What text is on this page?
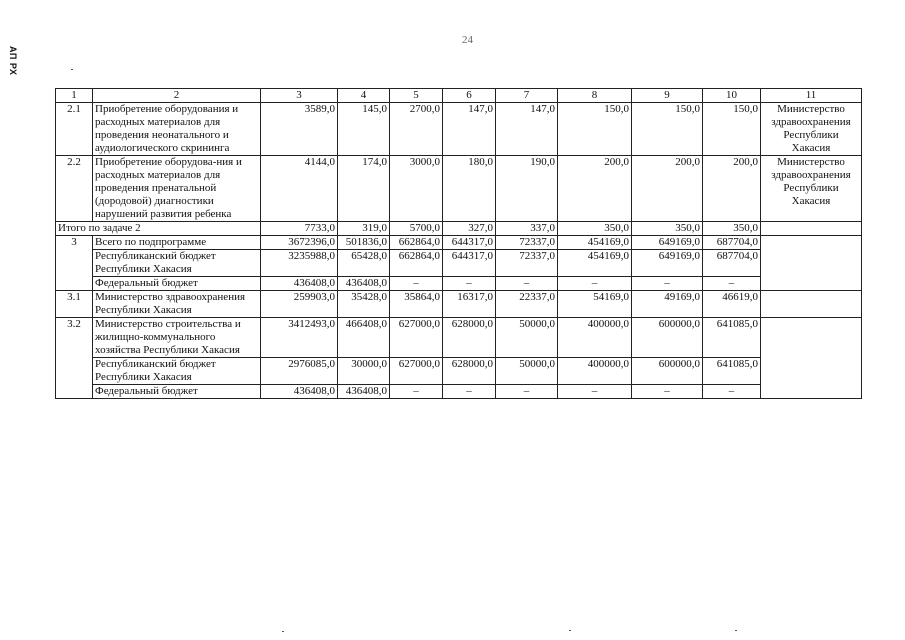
АП РХ
24
1	2	3	4	5	6	7	8	9	10	11
2.1	Приобретение оборудования и расходных материалов для проведения неонатального и аудиологического скрининга	3589,0	145,0	2700,0	147,0	147,0	150,0	150,0	150,0	Министерство здравоохранения Республики Хакасия
2.2	Приобретение оборудова-ния и расходных материалов для проведения пренатальной (дородовой) диагностики нарушений развития ребенка	4144,0	174,0	3000,0	180,0	190,0	200,0	200,0	200,0	Министерство здравоохранения Республики Хакасия
Итого по задаче 2		7733,0	319,0	5700,0	327,0	337,0	350,0	350,0	350,0	
3	Всего по подпрограмме	3672396,0	501836,0	662864,0	644317,0	72337,0	454169,0	649169,0	687704,0	
	Республиканский бюджет Республики Хакасия	3235988,0	65428,0	662864,0	644317,0	72337,0	454169,0	649169,0	687704,0	
	Федеральный бюджет	436408,0	436408,0	–	–	–	–	–	–	
3.1	Министерство здравоохранения Республики Хакасия	259903,0	35428,0	35864,0	16317,0	22337,0	54169,0	49169,0	46619,0	
3.2	Министерство строительства и жилищно-коммунального хозяйства Республики Хакасия	3412493,0	466408,0	627000,0	628000,0	50000,0	400000,0	600000,0	641085,0	
	Республиканский бюджет Республики Хакасия	2976085,0	30000,0	627000,0	628000,0	50000,0	400000,0	600000,0	641085,0	
	Федеральный бюджет	436408,0	436408,0	–	–	–	–	–	–	
